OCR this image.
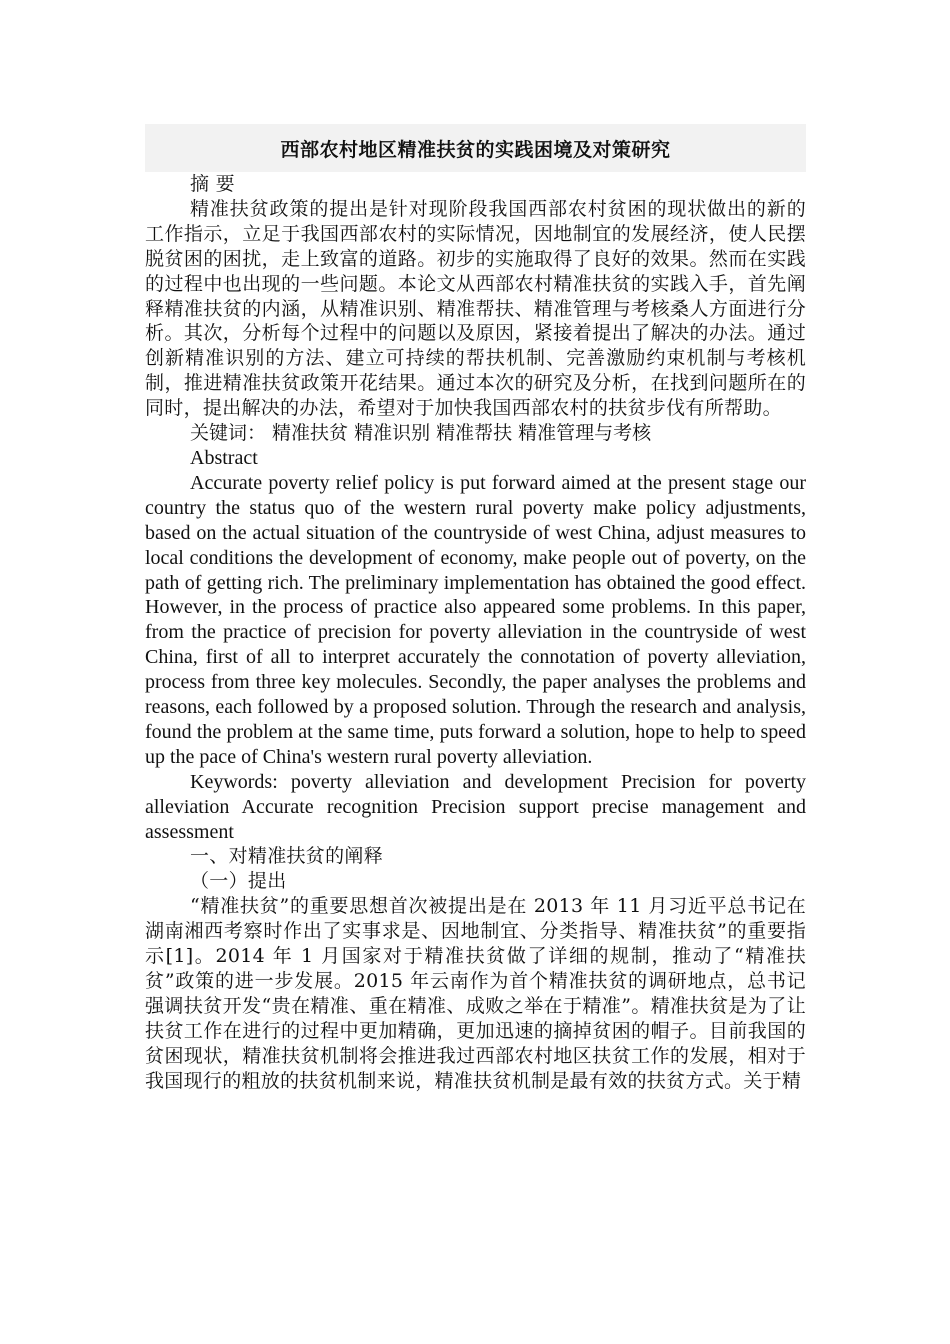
西部农村地区精准扶贫的实践困境及对策研究

摘 要

精准扶贫政策的提出是针对现阶段我国西部农村贫困的现状做出的新的工作指示，立足于我国西部农村的实际情况，因地制宜的发展经济，使人民摆脱贫困的困扰，走上致富的道路。初步的实施取得了良好的效果。然而在实践的过程中也出现的一些问题。本论文从西部农村精准扶贫的实践入手，首先阐释精准扶贫的内涵，从精准识别、精准帮扶、精准管理与考核桑人方面进行分析。其次，分析每个过程中的问题以及原因，紧接着提出了解决的办法。通过创新精准识别的方法、建立可持续的帮扶机制、完善激励约束机制与考核机制，推进精准扶贫政策开花结果。通过本次的研究及分析，在找到问题所在的同时，提出解决的办法，希望对于加快我国西部农村的扶贫步伐有所帮助。

关键词： 精准扶贫 精准识别 精准帮扶 精准管理与考核

Abstract

Accurate poverty relief policy is put forward aimed at the present stage our country the status quo of the western rural poverty make policy adjustments, based on the actual situation of the countryside of west China, adjust measures to local conditions the development of economy, make people out of poverty, on the path of getting rich. The preliminary implementation has obtained the good effect. However, in the process of practice also appeared some problems. In this paper, from the practice of precision for poverty alleviation in the countryside of west China, first of all to interpret accurately the connotation of poverty alleviation, process from three key molecules. Secondly, the paper analyses the problems and reasons, each followed by a proposed solution. Through the research and analysis, found the problem at the same time, puts forward a solution, hope to help to speed up the pace of China's western rural poverty alleviation.

Keywords: poverty alleviation and development Precision for poverty alleviation Accurate recognition Precision support precise management and assessment

一、对精准扶贫的阐释

（一）提出

“精准扶贫”的重要思想首次被提出是在 2013 年 11 月习近平总书记在湖南湘西考察时作出了实事求是、因地制宜、分类指导、精准扶贫”的重要指示[1]。2014 年 1 月国家对于精准扶贫做了详细的规制，推动了“精准扶贫”政策的进一步发展。2015 年云南作为首个精准扶贫的调研地点，总书记强调扶贫开发“贵在精准、重在精准、成败之举在于精准”。精准扶贫是为了让扶贫工作在进行的过程中更加精确，更加迅速的摘掉贫困的帽子。目前我国的贫困现状，精准扶贫机制将会推进我过西部农村地区扶贫工作的发展，相对于我国现行的粗放的扶贫机制来说，精准扶贫机制是最有效的扶贫方式。关于精
